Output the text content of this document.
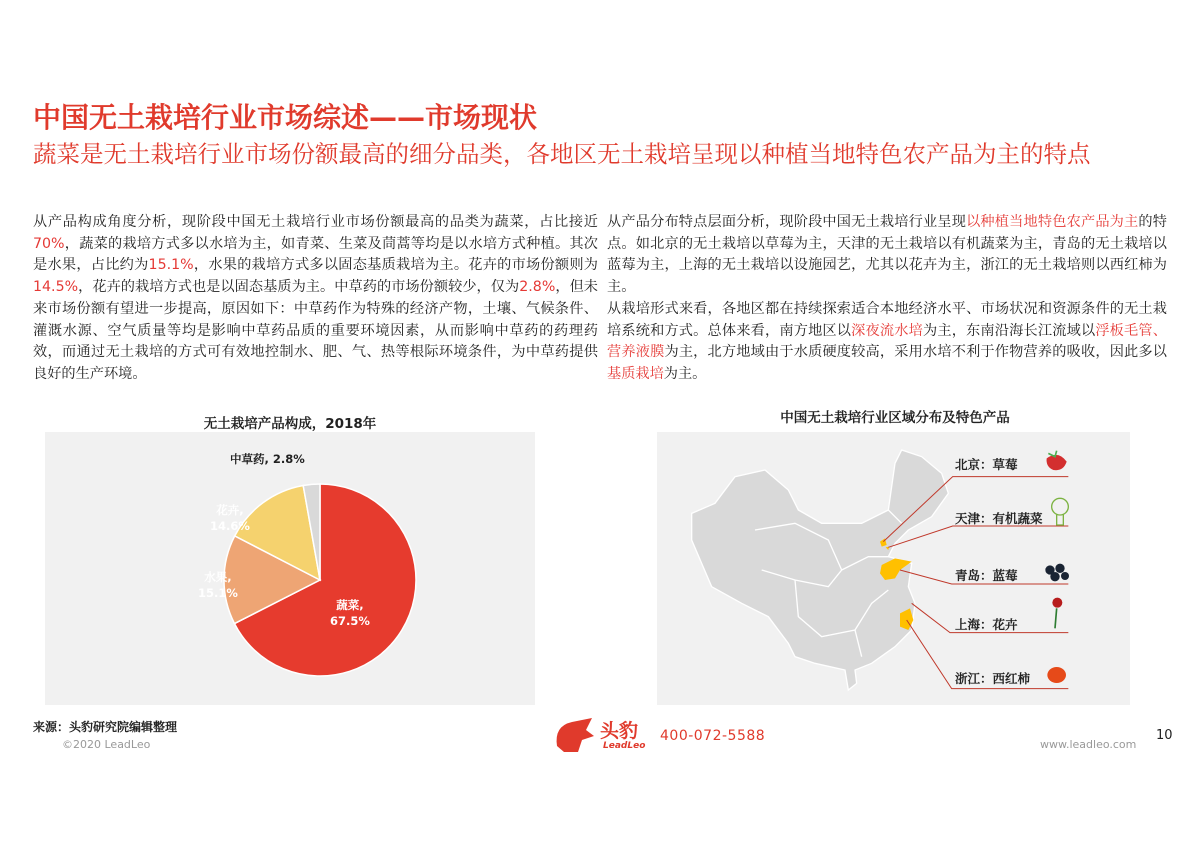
中国无土栽培行业市场综述——市场现状
蔬菜是无土栽培行业市场份额最高的细分品类，各地区无土栽培呈现以种植当地特色农产品为主的特点
从产品构成角度分析，现阶段中国无土栽培行业市场份额最高的品类为蔬菜，占比接近70%，蔬菜的栽培方式多以水培为主，如青菜、生菜及茼蒿等均是以水培方式种植。其次是水果，占比约为15.1%，水果的栽培方式多以固态基质栽培为主。花卉的市场份额则为14.5%，花卉的栽培方式也是以固态基质为主。中草药的市场份额较少，仅为2.8%，但未来市场份额有望进一步提高，原因如下：中草药作为特殊的经济产物，土壤、气候条件、灌溉水源、空气质量等均是影响中草药品质的重要环境因素，从而影响中草药的药理药效，而通过无土栽培的方式可有效地控制水、肥、气、热等根际环境条件，为中草药提供良好的生产环境。
从产品分布特点层面分析，现阶段中国无土栽培行业呈现以种植当地特色农产品为主的特点。如北京的无土栽培以草莓为主，天津的无土栽培以有机蔬菜为主，青岛的无土栽培以蓝莓为主，上海的无土栽培以设施园艺，尤其以花卉为主，浙江的无土栽培则以西红柿为主。
从栽培形式来看，各地区都在持续探索适合本地经济水平、市场状况和资源条件的无土栽培系统和方式。总体来看，南方地区以深夜流水培为主，东南沿海长江流域以浮板毛管、营养液膜为主，北方地域由于水质硬度较高，采用水培不利于作物营养的吸收，因此多以基质栽培为主。
无土栽培产品构成，2018年
中草药, 2.8%
花卉,
14.6%
水果,
15.1%
蔬菜,
67.5%
中国无土栽培行业区域分布及特色产品
北京：草莓
天津：有机蔬菜
青岛：蓝莓
上海：花卉
浙江：西红柿
来源：头豹研究院编辑整理
©2020 LeadLeo
头豹
LeadLeo
400-072-5588
www.leadleo.com
10
